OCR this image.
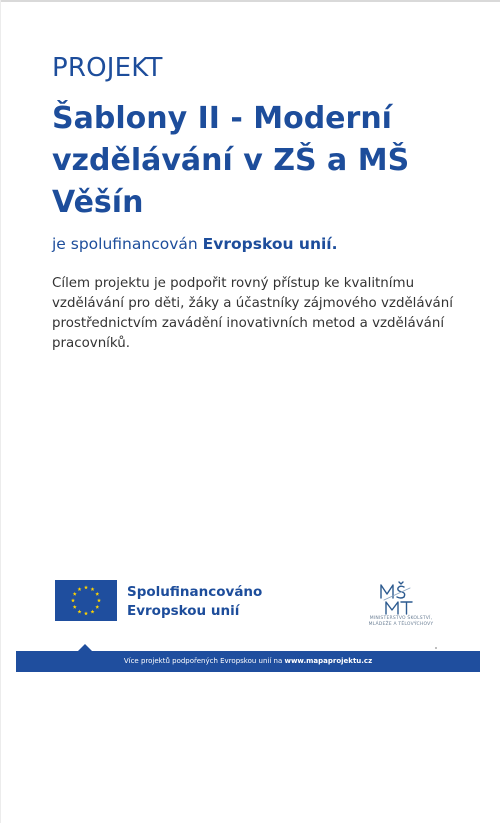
PROJEKT
Šablony II - Moderní vzdělávání v ZŠ a MŠ Věšín
je spolufinancován Evropskou unií.
Cílem projektu je podpořit rovný přístup ke kvalitnímu vzdělávání pro děti, žáky a účastníky zájmového vzdělávání prostřednictvím zavádění inovativních metod a vzdělávání pracovníků.
Spolufinancováno
Evropskou unií	MINISTERSTVO ŠKOLSTVÍ,
MLÁDEŽE A TĚLOVÝCHOVY
Více projektů podpořených Evropskou unií na www.mapaprojektu.cz
